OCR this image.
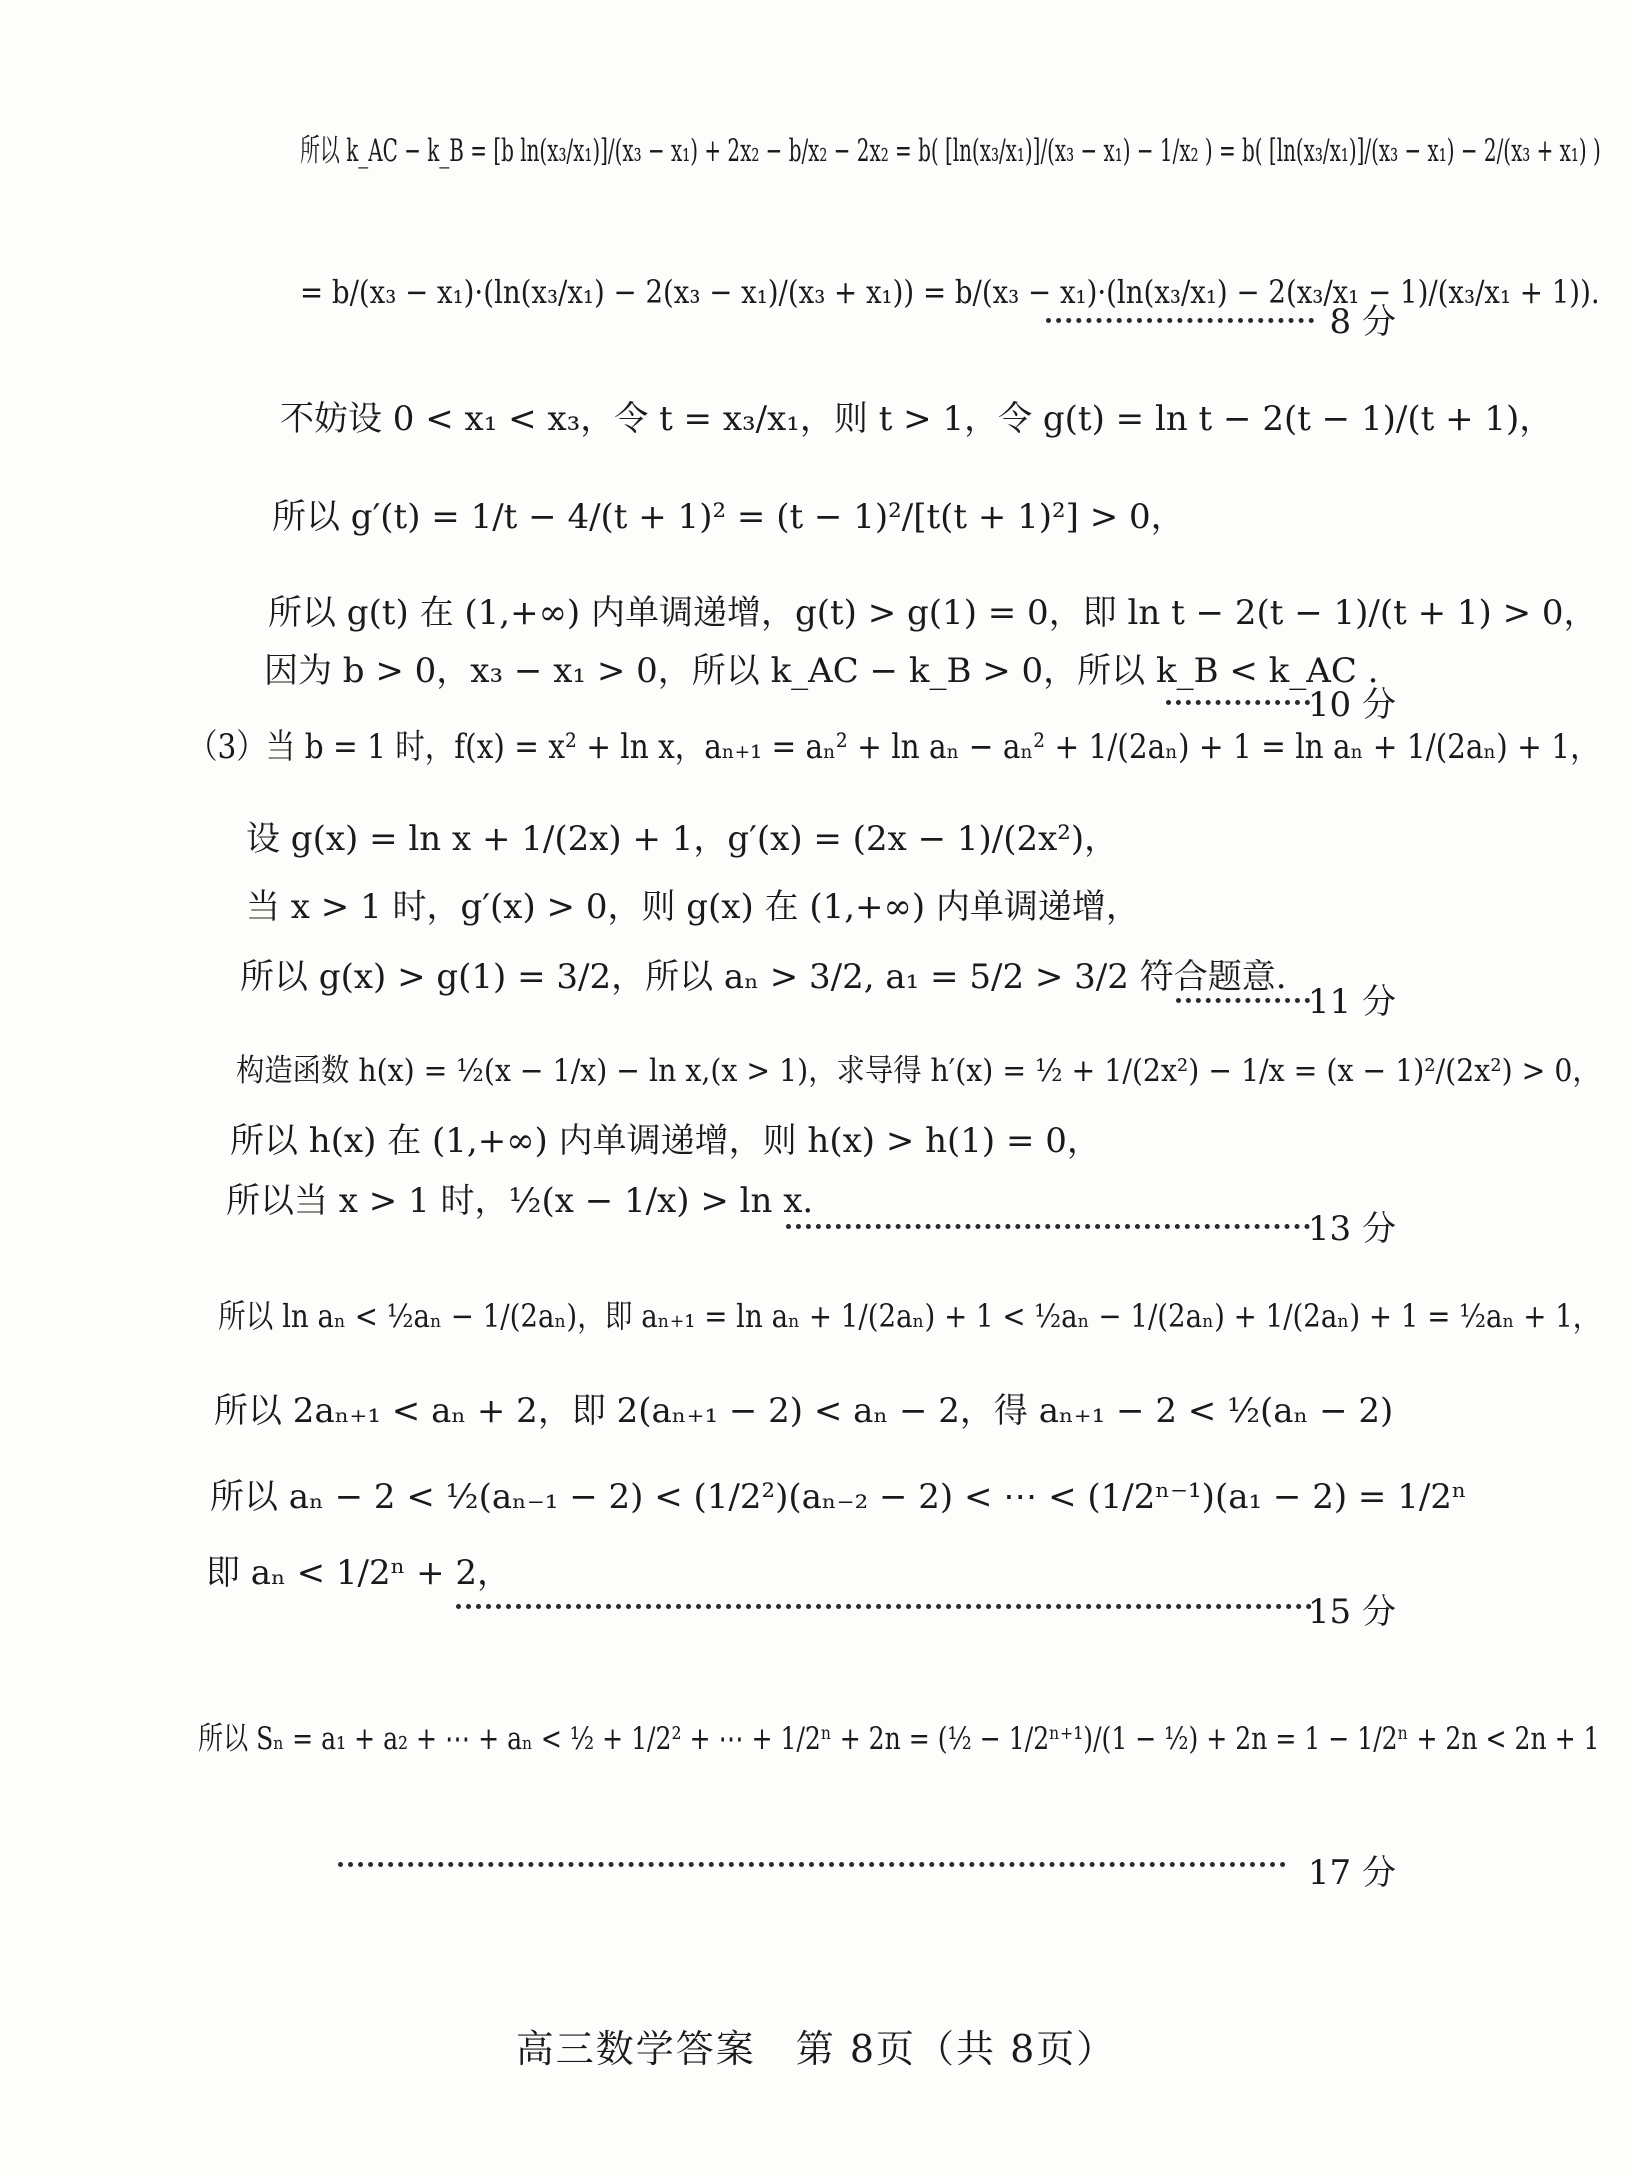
所以 k_AC − k_B = [b ln(x₃/x₁)]/(x₃ − x₁) + 2x₂ − b/x₂ − 2x₂ = b( [ln(x₃/x₁)]/(x₃ − x₁) − 1/x₂ ) = b( [ln(x₃/x₁)]/(x₃ − x₁) − 2/(x₃ + x₁) )
= b/(x₃ − x₁)·(ln(x₃/x₁) − 2(x₃ − x₁)/(x₃ + x₁)) = b/(x₃ − x₁)·(ln(x₃/x₁) − 2(x₃/x₁ − 1)/(x₃/x₁ + 1)).
8 分
不妨设 0 < x₁ < x₃，令 t = x₃/x₁，则 t > 1，令 g(t) = ln t − 2(t − 1)/(t + 1)，
所以 g′(t) = 1/t − 4/(t + 1)² = (t − 1)²/[t(t + 1)²] > 0，
所以 g(t) 在 (1,+∞) 内单调递增，g(t) > g(1) = 0，即 ln t − 2(t − 1)/(t + 1) > 0，
因为 b > 0，x₃ − x₁ > 0，所以 k_AC − k_B > 0，所以 k_B < k_AC .
10 分
（3）当 b = 1 时，f(x) = x² + ln x，aₙ₊₁ = aₙ² + ln aₙ − aₙ² + 1/(2aₙ) + 1 = ln aₙ + 1/(2aₙ) + 1，
设 g(x) = ln x + 1/(2x) + 1，g′(x) = (2x − 1)/(2x²)，
当 x > 1 时，g′(x) > 0，则 g(x) 在 (1,+∞) 内单调递增，
所以 g(x) > g(1) = 3/2，所以 aₙ > 3/2, a₁ = 5/2 > 3/2 符合题意.
11 分
构造函数 h(x) = ½(x − 1/x) − ln x,(x > 1)，求导得 h′(x) = ½ + 1/(2x²) − 1/x = (x − 1)²/(2x²) > 0，
所以 h(x) 在 (1,+∞) 内单调递增，则 h(x) > h(1) = 0，
所以当 x > 1 时，½(x − 1/x) > ln x.
13 分
所以 ln aₙ < ½aₙ − 1/(2aₙ)，即 aₙ₊₁ = ln aₙ + 1/(2aₙ) + 1 < ½aₙ − 1/(2aₙ) + 1/(2aₙ) + 1 = ½aₙ + 1，
所以 2aₙ₊₁ < aₙ + 2，即 2(aₙ₊₁ − 2) < aₙ − 2，得 aₙ₊₁ − 2 < ½(aₙ − 2)
所以 aₙ − 2 < ½(aₙ₋₁ − 2) < (1/2²)(aₙ₋₂ − 2) < ⋯ < (1/2ⁿ⁻¹)(a₁ − 2) = 1/2ⁿ
即 aₙ < 1/2ⁿ + 2，
15 分
所以 Sₙ = a₁ + a₂ + ⋯ + aₙ < ½ + 1/2² + ⋯ + 1/2ⁿ + 2n = (½ − 1/2ⁿ⁺¹)/(1 − ½) + 2n = 1 − 1/2ⁿ + 2n < 2n + 1
17 分
高三数学答案　第 8页（共 8页）
